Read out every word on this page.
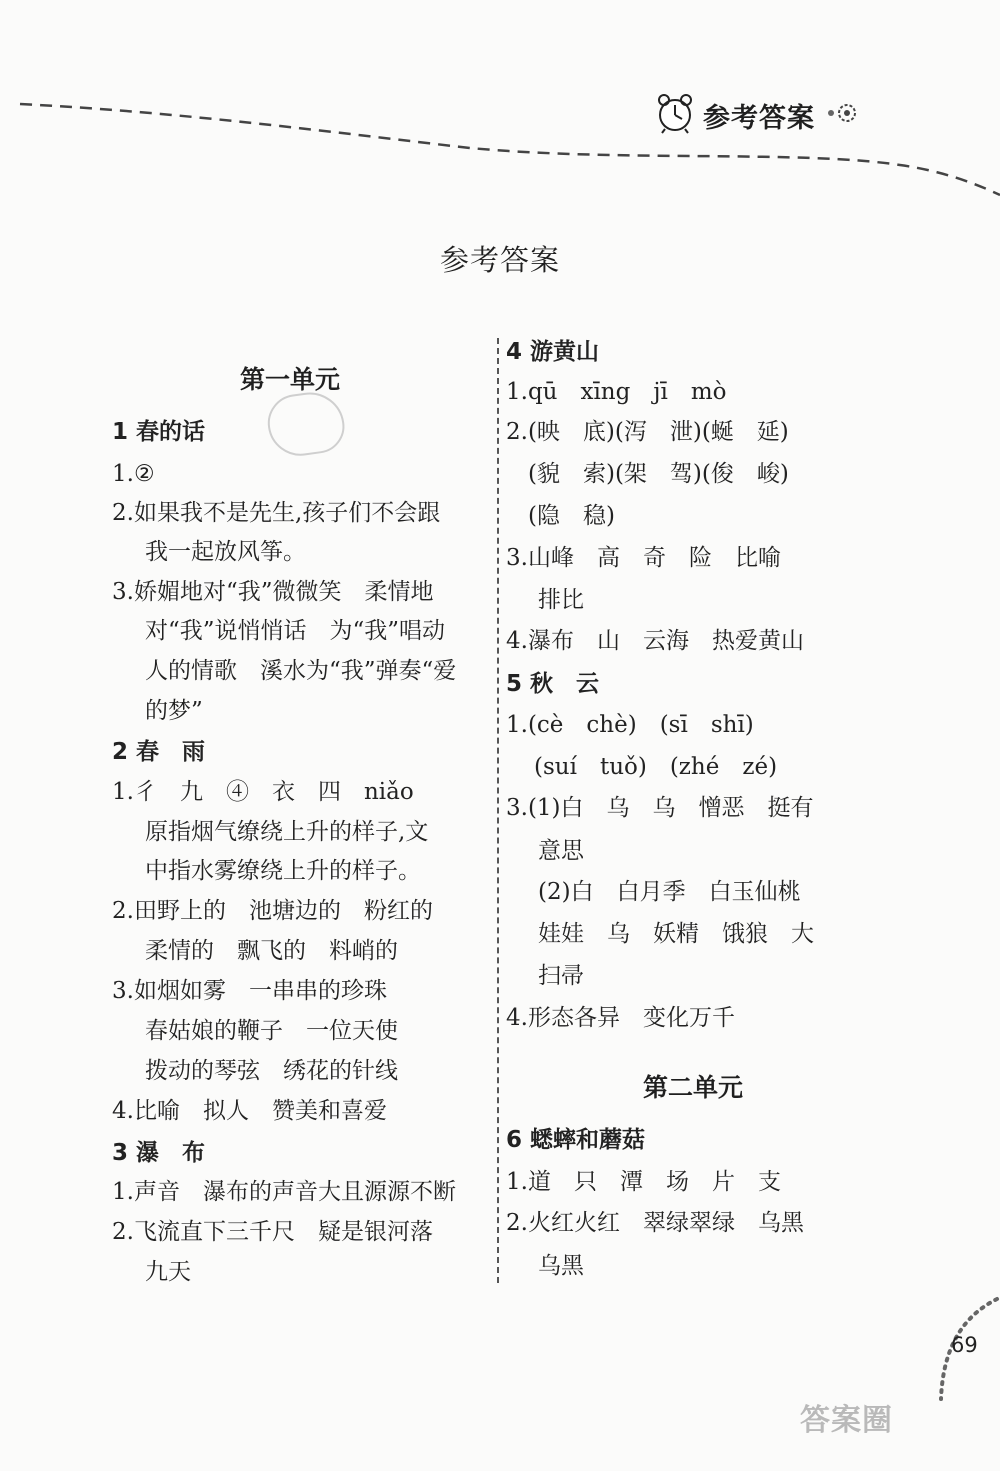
参考答案
参考答案
第一单元
1 春的话
1.②
2.如果我不是先生,孩子们不会跟
我一起放风筝。
3.娇媚地对“我”微微笑　柔情地
对“我”说悄悄话　为“我”唱动
人的情歌　溪水为“我”弹奏“爱
的梦”
2 春　雨
1.彳　九　④　衣　四　niǎo
原指烟气缭绕上升的样子,文
中指水雾缭绕上升的样子。
2.田野上的　池塘边的　粉红的
柔情的　飘飞的　料峭的
3.如烟如雾　一串串的珍珠
春姑娘的鞭子　一位天使
拨动的琴弦　绣花的针线
4.比喻　拟人　赞美和喜爱
3 瀑　布
1.声音　瀑布的声音大且源源不断
2.飞流直下三千尺　疑是银河落
九天
4 游黄山
1.qū　xīng　jī　mò
2.(映　底)(泻　泄)(蜒　延)
(貌　索)(架　驾)(俊　峻)
(隐　稳)
3.山峰　高　奇　险　比喻
排比
4.瀑布　山　云海　热爱黄山
5 秋　云
1.(cè　chè)　(sī　shī)
(suí　tuǒ)　(zhé　zé)
3.(1)白　乌　乌　憎恶　挺有
意思
(2)白　白月季　白玉仙桃
娃娃　乌　妖精　饿狼　大
扫帚
4.形态各异　变化万千
第二单元
6 蟋蟀和蘑菇
1.道　只　潭　场　片　支
2.火红火红　翠绿翠绿　乌黑
乌黑
69
答案圈
